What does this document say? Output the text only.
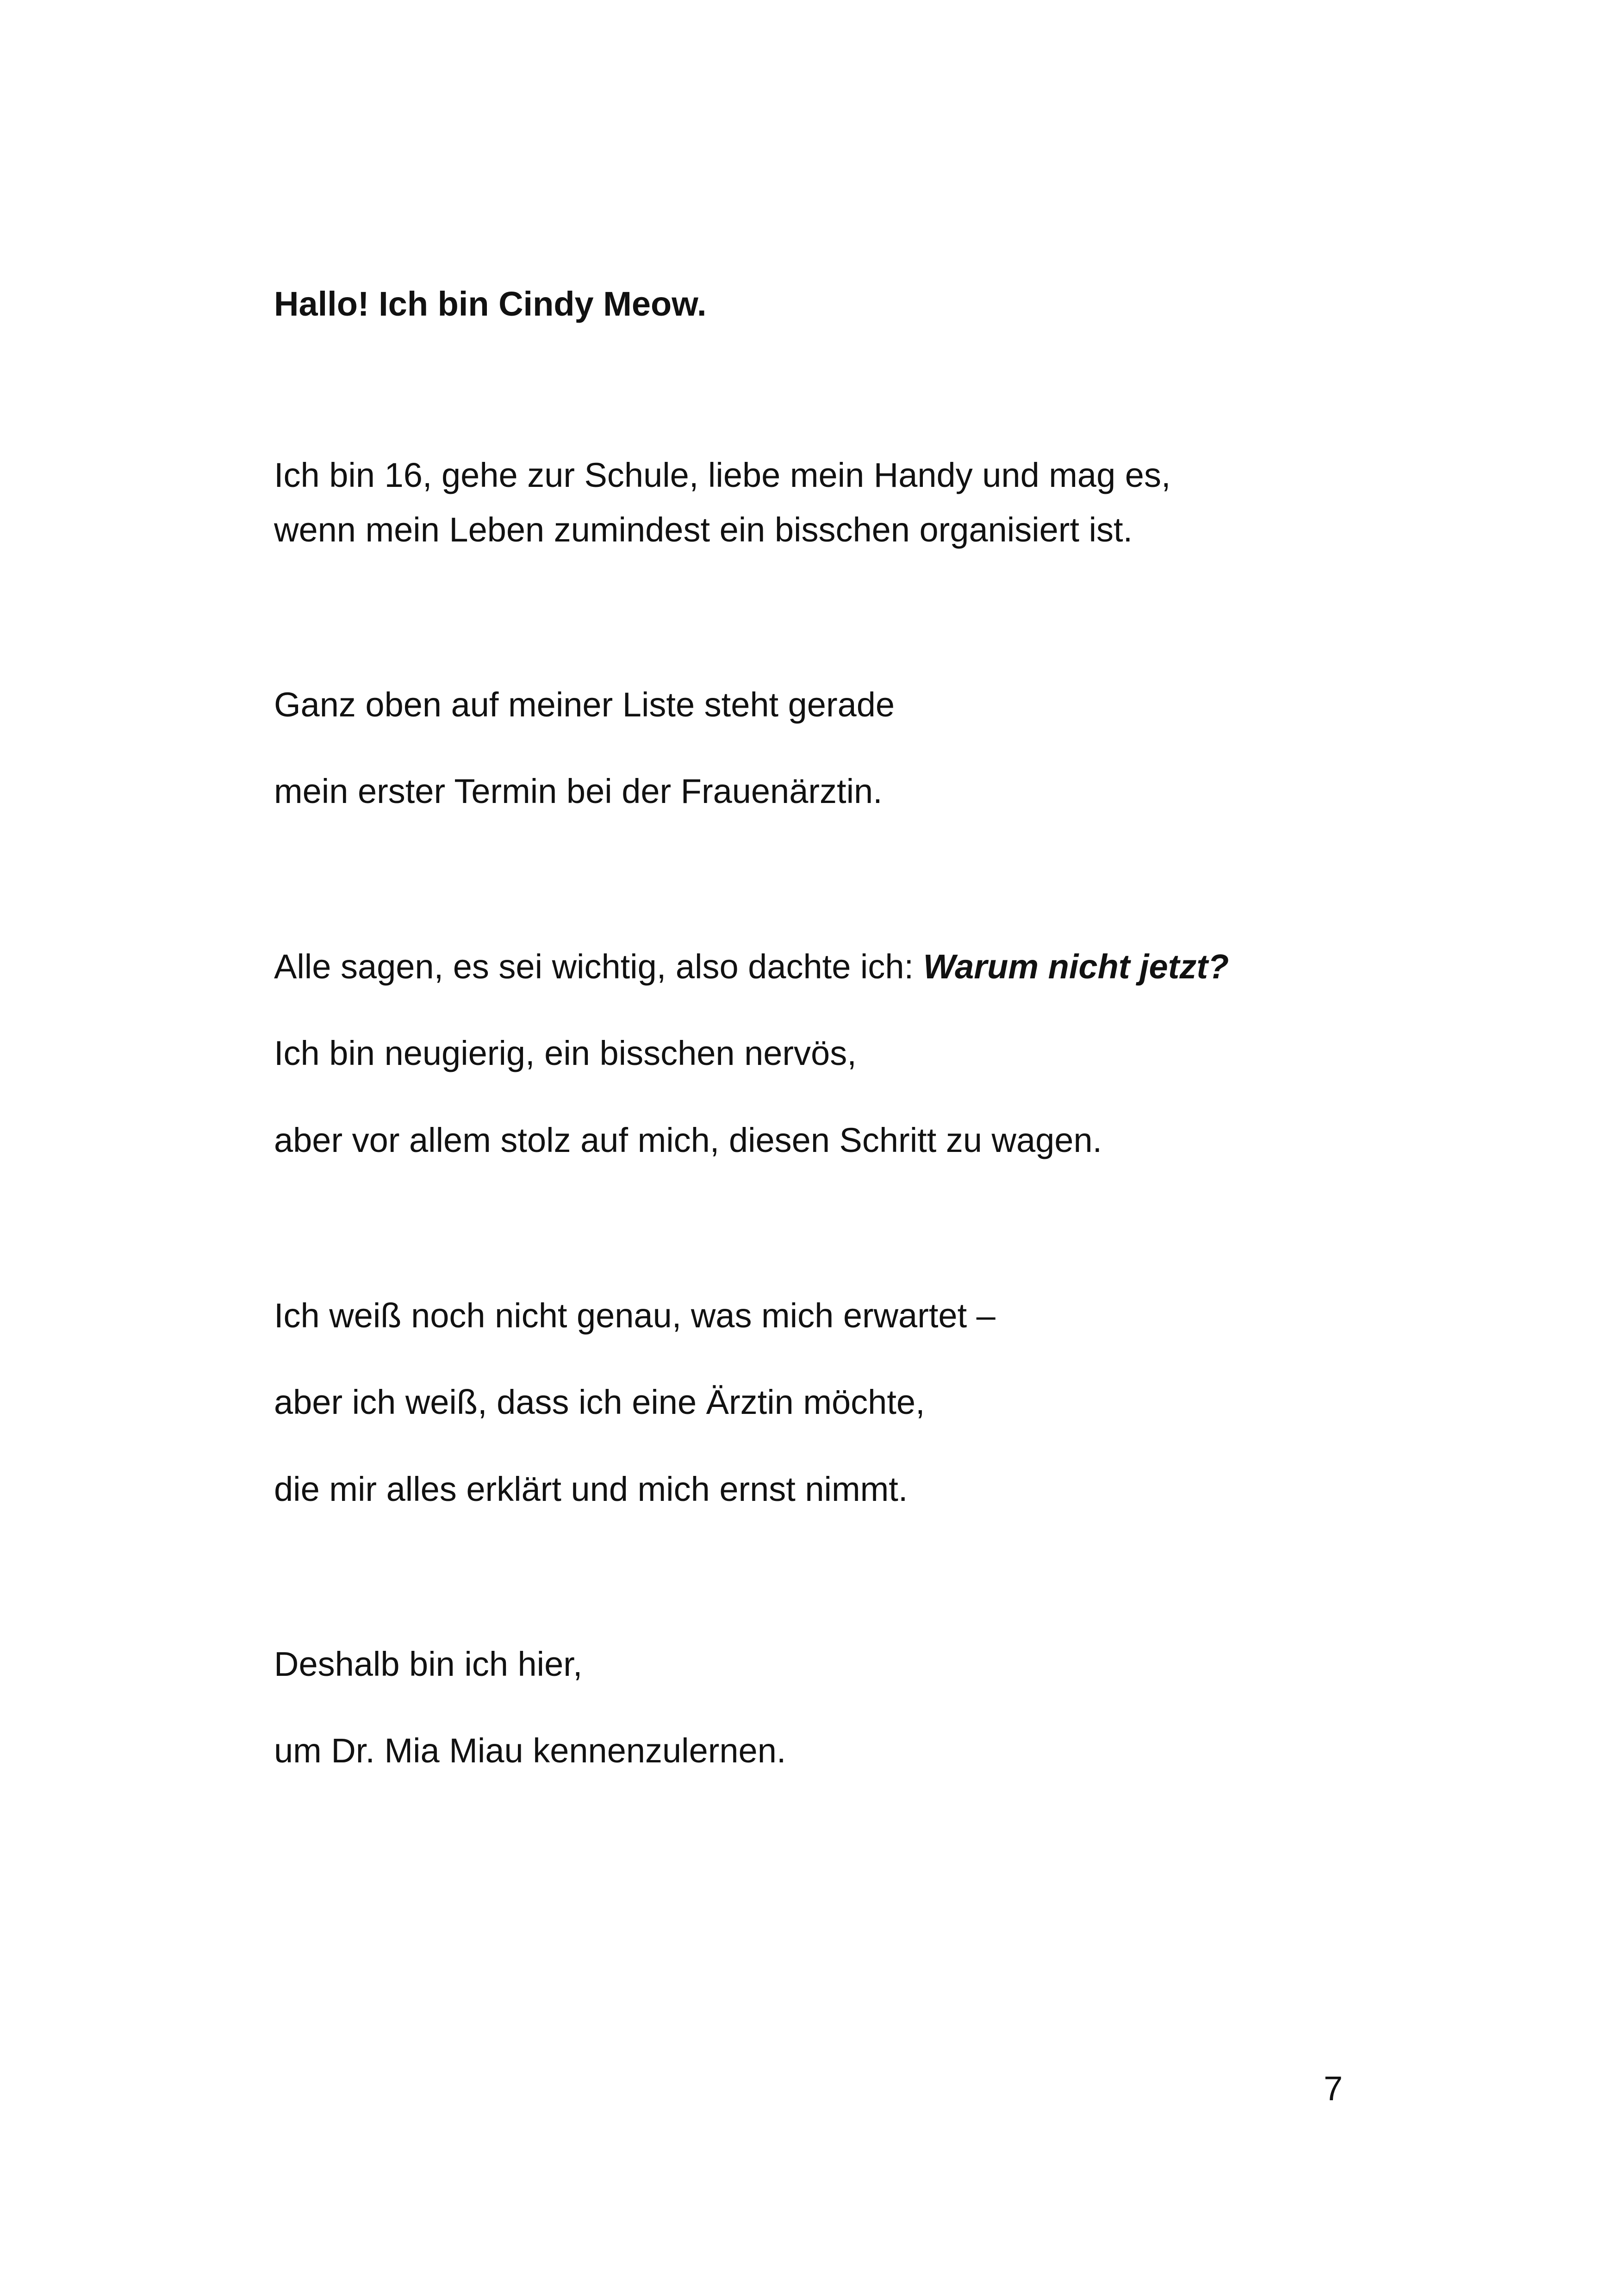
Hallo! Ich bin Cindy Meow.

Ich bin 16, gehe zur Schule, liebe mein Handy und mag es,

wenn mein Leben zumindest ein bisschen organisiert ist.

Ganz oben auf meiner Liste steht gerade

mein erster Termin bei der Frauenärztin.

Alle sagen, es sei wichtig, also dachte ich: Warum nicht jetzt?

Ich bin neugierig, ein bisschen nervös,

aber vor allem stolz auf mich, diesen Schritt zu wagen.

Ich weiß noch nicht genau, was mich erwartet –

aber ich weiß, dass ich eine Ärztin möchte,

die mir alles erklärt und mich ernst nimmt.

Deshalb bin ich hier,

um Dr. Mia Miau kennenzulernen.

7
